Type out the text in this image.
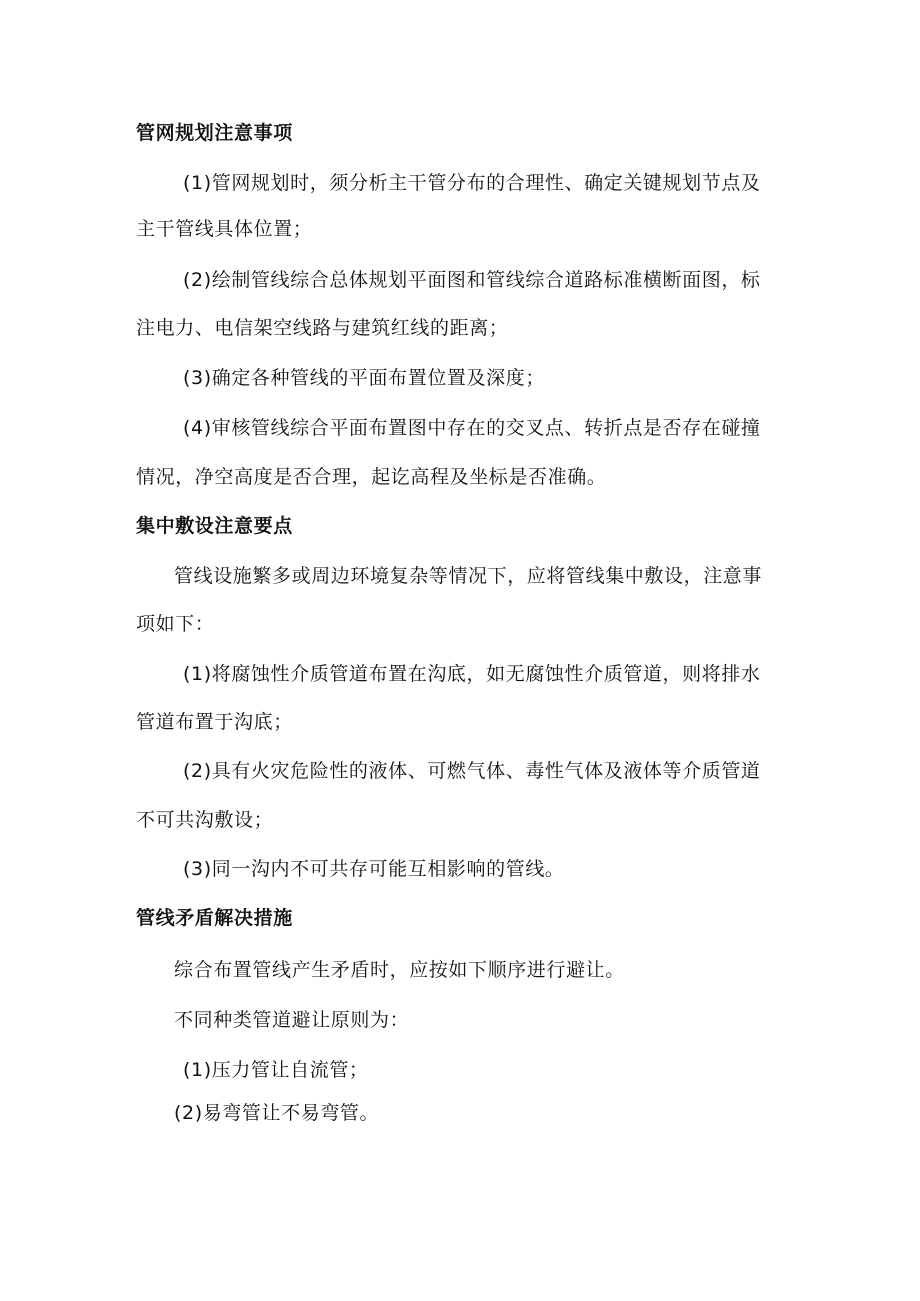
管网规划注意事项
(1)管网规划时，须分析主干管分布的合理性、确定关键规划节点及
主干管线具体位置；
(2)绘制管线综合总体规划平面图和管线综合道路标准横断面图，标
注电力、电信架空线路与建筑红线的距离；
(3)确定各种管线的平面布置位置及深度；
(4)审核管线综合平面布置图中存在的交叉点、转折点是否存在碰撞
情况，净空高度是否合理，起讫高程及坐标是否准确。
集中敷设注意要点
管线设施繁多或周边环境复杂等情况下，应将管线集中敷设，注意事
项如下：
(1)将腐蚀性介质管道布置在沟底，如无腐蚀性介质管道，则将排水
管道布置于沟底；
(2)具有火灾危险性的液体、可燃气体、毒性气体及液体等介质管道
不可共沟敷设；
(3)同一沟内不可共存可能互相影响的管线。
管线矛盾解决措施
综合布置管线产生矛盾时，应按如下顺序进行避让。
不同种类管道避让原则为：
(1)压力管让自流管；
(2)易弯管让不易弯管。
